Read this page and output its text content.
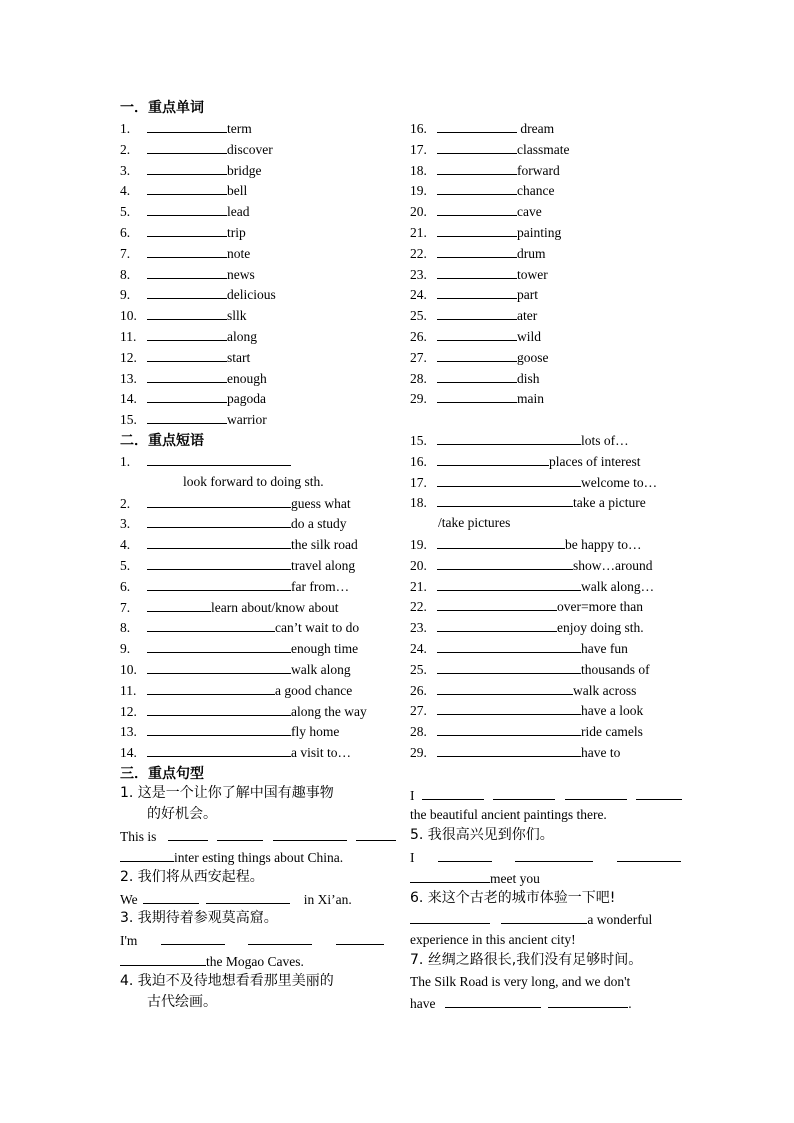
一．重点单词
1.	term
2.	discover
3.	bridge
4.	bell
5.	lead
6.	trip
7.	note
8.	news
9.	delicious
10.	sllk
11.	along
12.	start
13.	enough
14.	pagoda
15.	warrior
16.	dream
17.	classmate
18.	forward
19.	chance
20.	cave
21.	painting
22.	drum
23.	tower
24.	part
25.	ater
26.	wild
27.	goose
28.	dish
29.	main
二．重点短语
1.
look forward to doing sth.
2.	guess what
3.	do a study
4.	the silk road
5.	travel along
6.	far from…
7.	learn about/know about
8.	can’t wait to do
9.	enough time
10.	walk along
11.	a good chance
12.	along the way
13.	fly home
14.	a visit to…
15.	lots of…
16.	places of interest
17.	welcome to…
18.	take a picture
/take pictures
19.	be happy to…
20.	show…around
21.	walk along…
22.	over=more than
23.	enjoy doing sth.
24.	have fun
25.	thousands of
26.	walk across
27.	have a look
28.	ride camels
29.	have to
三．重点句型
1. 这是一个让你了解中国有趣事物
的好机会。
This is
inter esting things about China.
2. 我们将从西安起程。
We	in Xi’an.
3. 我期待着参观莫高窟。
I'm
the Mogao Caves.
4. 我迫不及待地想看看那里美丽的
古代绘画。
I
the beautiful ancient paintings there.
5. 我很高兴见到你们。
I
meet you
6. 来这个古老的城市体验一下吧!
a wonderful
experience in this ancient city!
7. 丝绸之路很长,我们没有足够时间。
The Silk Road is very long, and we don't
have	.
